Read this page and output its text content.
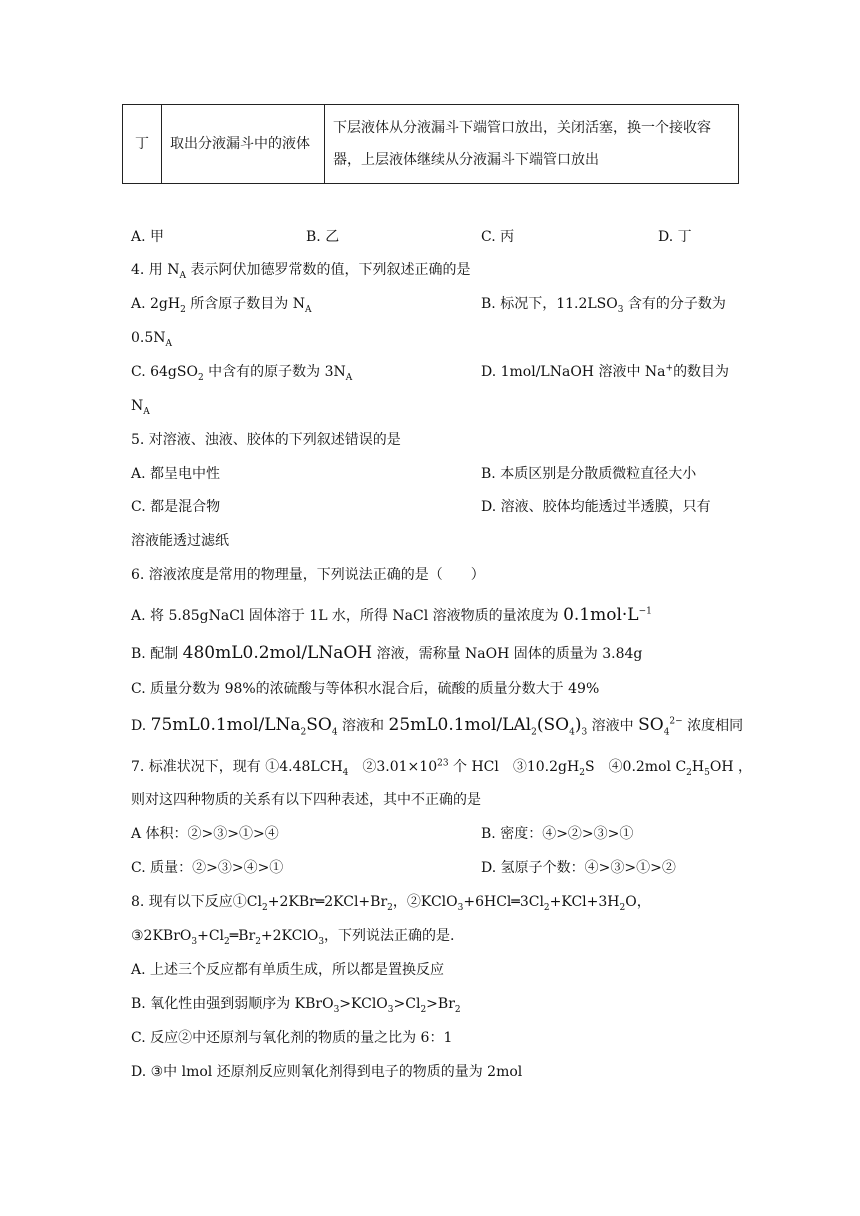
丁	取出分液漏斗中的液体	下层液体从分液漏斗下端管口放出，关闭活塞，换一个接收容器，上层液体继续从分液漏斗下端管口放出
A. 甲	B. 乙	C. 丙	D. 丁
4. 用 $N_A$ 表示阿伏加德罗常数的值，下列叙述正确的是
A. $2gH_2$ 所含原子数目为 $N_A$	B. 标况下，$11.2LSO_3$ 含有的分子数为
$0.5N_A$
C. 64gSO$_2$ 中含有的原子数为 $3N_A$	D. 1mol/LNaOH 溶液中 Na+的数目为
$N_A$
5. 对溶液、浊液、胶体的下列叙述错误的是
A. 都呈电中性	B. 本质区别是分散质微粒直径大小
C. 都是混合物	D. 溶液、胶体均能透过半透膜，只有
溶液能透过滤纸
6. 溶液浓度是常用的物理量，下列说法正确的是（　　）
A. 将 5.85gNaCl 固体溶于 1L 水，所得 NaCl 溶液物质的量浓度为 $0.1mol\cdot L^{-1}$
B. 配制 480mL0.2mol/LNaOH 溶液，需称量 NaOH 固体的质量为 3.84g
C. 质量分数为 98%的浓硫酸与等体积水混合后，硫酸的质量分数大于 49%
D. $75mL0.1mol/LNa_2SO_4$ 溶液和 $25mL0.1mol/LAl_2(SO_4)_3$ 溶液中 $SO_4^{2-}$ 浓度相同
7. 标准状况下，现有 $①4.48LCH_4$　$②3.01\times 10^{23}$ 个 HCl　$③10.2gH_2S$　④0.2mol $C_2H_5OH$ ，
则对这四种物质的关系有以下四种表述，其中不正确的是
A 体积：②>③>①>④	B. 密度：④>②>③>①
C. 质量：②>③>④>①	D. 氢原子个数：④>③>①>②
8. 现有以下反应$①Cl_2+2KBr═2KCl+Br_2$，$②KClO_3+6HCl═3Cl_2+KCl+3H_2O$，
$③2KBrO_3+Cl_2═Br_2+2KClO_3$，下列说法正确的是.
A. 上述三个反应都有单质生成，所以都是置换反应
B. 氧化性由强到弱顺序为 $KBrO_3>KClO_3>Cl_2>Br_2$
C. 反应②中还原剂与氧化剂的物质的量之比为 6：1
D. ③中 lmol 还原剂反应则氧化剂得到电子的物质的量为 2mol
